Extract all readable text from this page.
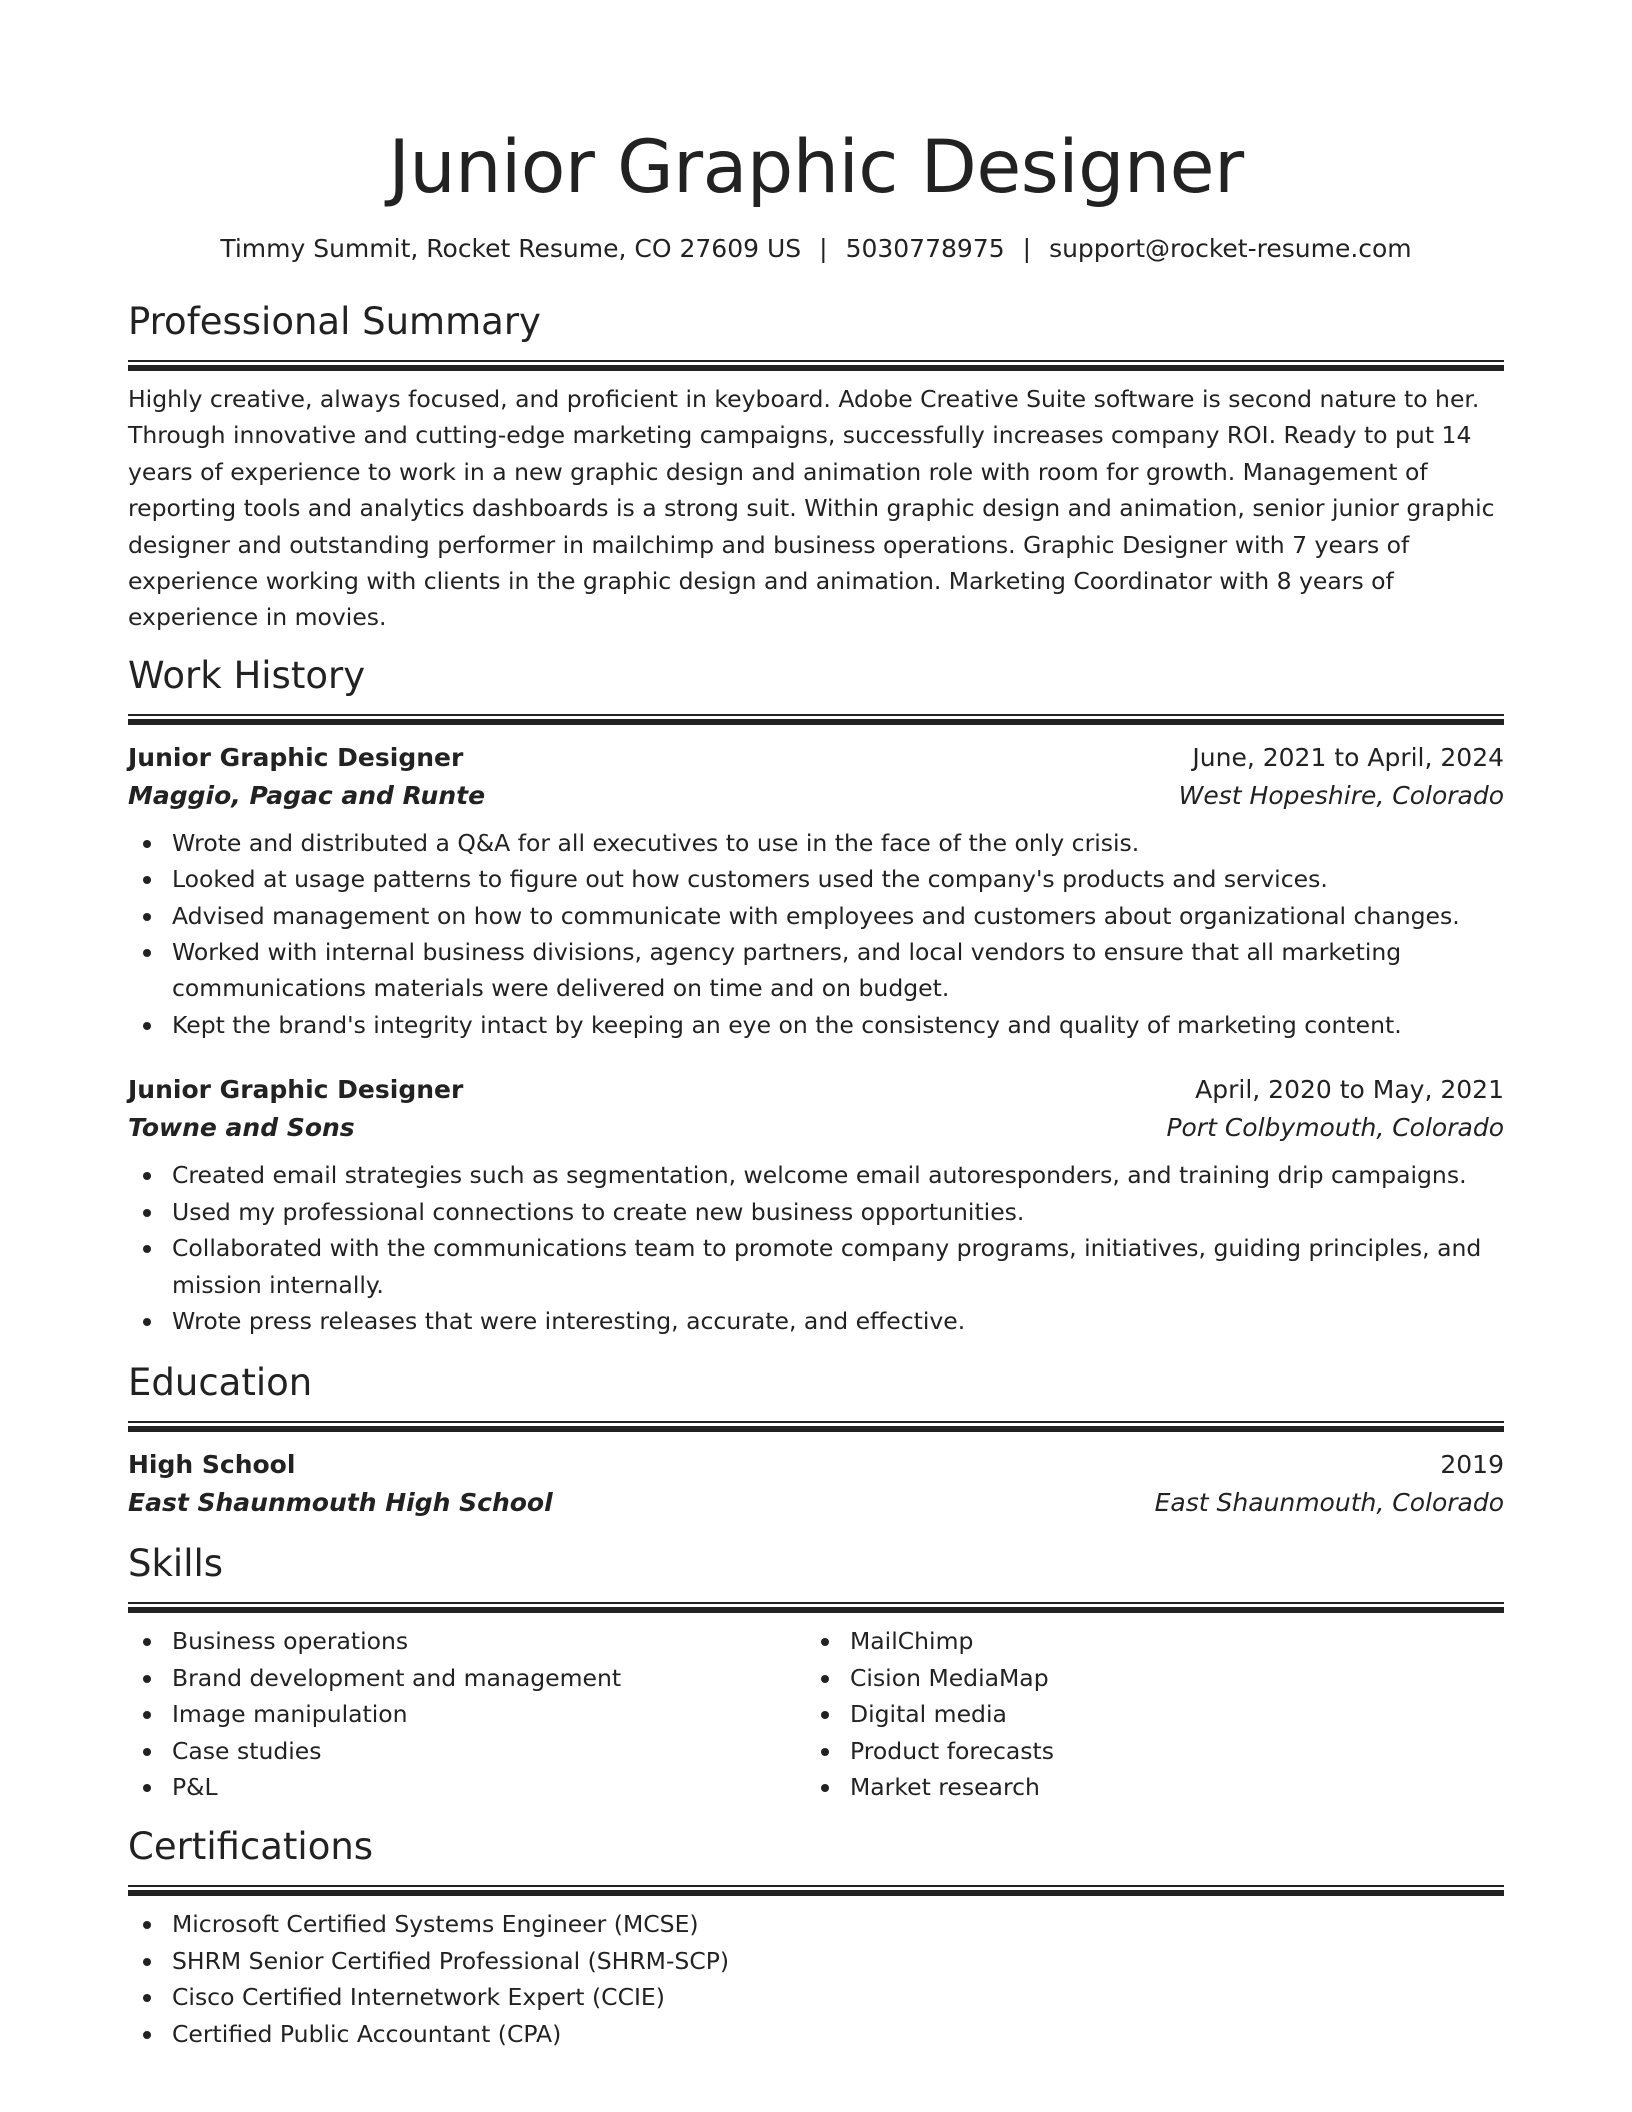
Junior Graphic Designer
Timmy Summit, Rocket Resume, CO 27609 US | 5030778975 | support@rocket-resume.com
Professional Summary
Highly creative, always focused, and proficient in keyboard. Adobe Creative Suite software is second nature to her. Through innovative and cutting-edge marketing campaigns, successfully increases company ROI. Ready to put 14 years of experience to work in a new graphic design and animation role with room for growth. Management of reporting tools and analytics dashboards is a strong suit. Within graphic design and animation, senior junior graphic designer and outstanding performer in mailchimp and business operations. Graphic Designer with 7 years of experience working with clients in the graphic design and animation. Marketing Coordinator with 8 years of experience in movies.
Work History
Junior Graphic Designer	June, 2021 to April, 2024
Maggio, Pagac and Runte	West Hopeshire, Colorado
Wrote and distributed a Q&A for all executives to use in the face of the only crisis.
Looked at usage patterns to figure out how customers used the company's products and services.
Advised management on how to communicate with employees and customers about organizational changes.
Worked with internal business divisions, agency partners, and local vendors to ensure that all marketing communications materials were delivered on time and on budget.
Kept the brand's integrity intact by keeping an eye on the consistency and quality of marketing content.
Junior Graphic Designer	April, 2020 to May, 2021
Towne and Sons	Port Colbymouth, Colorado
Created email strategies such as segmentation, welcome email autoresponders, and training drip campaigns.
Used my professional connections to create new business opportunities.
Collaborated with the communications team to promote company programs, initiatives, guiding principles, and mission internally.
Wrote press releases that were interesting, accurate, and effective.
Education
High School	2019
East Shaunmouth High School	East Shaunmouth, Colorado
Skills
Business operations
Brand development and management
Image manipulation
Case studies
P&L
MailChimp
Cision MediaMap
Digital media
Product forecasts
Market research
Certifications
Microsoft Certified Systems Engineer (MCSE)
SHRM Senior Certified Professional (SHRM-SCP)
Cisco Certified Internetwork Expert (CCIE)
Certified Public Accountant (CPA)
